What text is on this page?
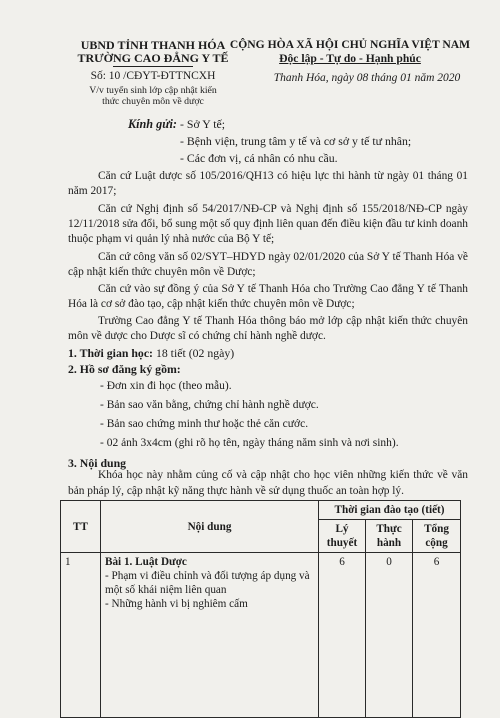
UBND TỈNH THANH HÓA
TRƯỜNG CAO ĐẲNG Y TẾ
Số: 10 /CĐYT-ĐTTNCXH
V/v tuyển sinh lớp cập nhật kiến
thức chuyên môn về dược
CỘNG HÒA XÃ HỘI CHỦ NGHĨA VIỆT NAM
Độc lập - Tự do - Hạnh phúc
Thanh Hóa, ngày 08 tháng 01 năm 2020
Kính gửi: - Sở Y tế;
- Bệnh viện, trung tâm y tế và cơ sở y tế tư nhân;
- Các đơn vị, cá nhân có nhu cầu.
Căn cứ Luật dược số 105/2016/QH13 có hiệu lực thi hành từ ngày 01 tháng 01 năm 2017;
Căn cứ Nghị định số 54/2017/NĐ-CP và Nghị định số 155/2018/NĐ-CP ngày 12/11/2018 sửa đổi, bổ sung một số quy định liên quan đến điều kiện đầu tư kinh doanh thuộc phạm vi quản lý nhà nước của Bộ Y tế;
Căn cứ công văn số 02/SYT–HDYD ngày 02/01/2020 của Sở Y tế Thanh Hóa về cập nhật kiến thức chuyên môn về Dược;
Căn cứ vào sự đồng ý của Sở Y tế Thanh Hóa cho Trường Cao đẳng Y tế Thanh Hóa là cơ sở đào tạo, cập nhật kiến thức chuyên môn về Dược;
Trường Cao đẳng Y tế Thanh Hóa thông báo mở lớp cập nhật kiến thức chuyên môn về dược cho Dược sĩ có chứng chỉ hành nghề dược.
1. Thời gian học: 18 tiết (02 ngày)
2. Hồ sơ đăng ký gồm:
- Đơn xin đi học (theo mẫu).
- Bản sao văn bằng, chứng chỉ hành nghề dược.
- Bản sao chứng minh thư hoặc thẻ căn cước.
- 02 ảnh 3x4cm (ghi rõ họ tên, ngày tháng năm sinh và nơi sinh).
3. Nội dung
Khóa học này nhằm củng cố và cập nhật cho học viên những kiến thức về văn bản pháp lý, cập nhật kỹ năng thực hành về sử dụng thuốc an toàn hợp lý.
TT	Nội dung	Thời gian đào tạo (tiết)		
		Lý thuyết	Thực hành	Tổng cộng
1	Bài 1. Luật Dược
- Phạm vi điều chỉnh và đối tượng áp dụng và một số khái niệm liên quan
- Những hành vi bị nghiêm cấm	6	0	6
